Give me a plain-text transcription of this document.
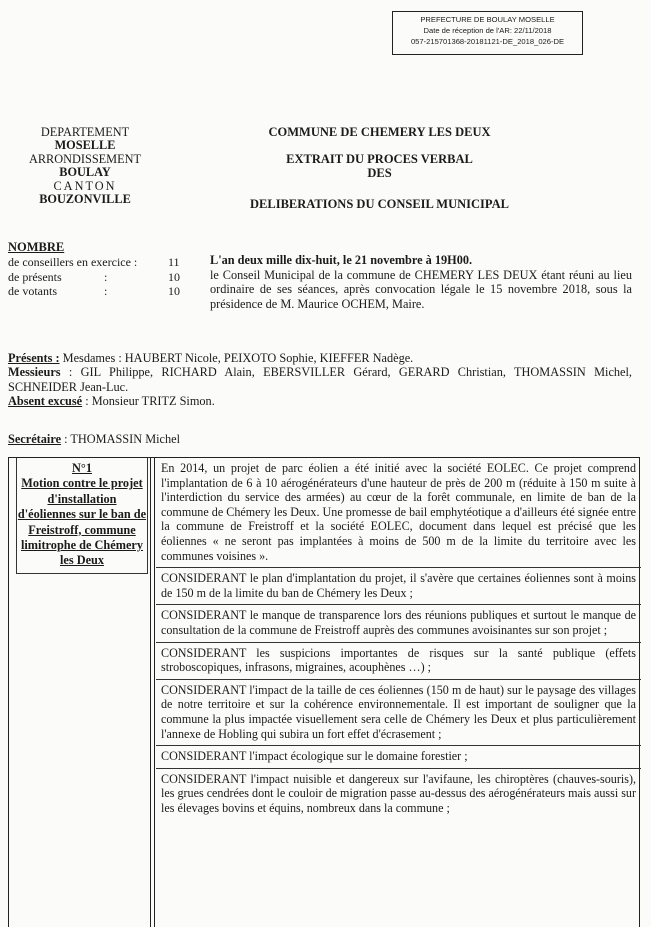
PREFECTURE DE BOULAY MOSELLE
Date de réception de l'AR: 22/11/2018
057-215701368-20181121-DE_2018_026-DE
DEPARTEMENT
MOSELLE
ARRONDISSEMENT
BOULAY
CANTON
BOUZONVILLE
COMMUNE DE CHEMERY LES DEUX
EXTRAIT DU PROCES VERBAL
DES
DELIBERATIONS DU CONSEIL MUNICIPAL
NOMBRE
de conseillers en exercice :	11
de présents	:	10
de votants	:	10
L'an deux mille dix-huit, le 21 novembre à 19H00.
le Conseil Municipal de la commune de CHEMERY LES DEUX étant réuni au lieu ordinaire de ses séances, après convocation légale le 15 novembre 2018, sous la présidence de M. Maurice OCHEM, Maire.
Présents : Mesdames : HAUBERT Nicole, PEIXOTO Sophie, KIEFFER Nadège.
Messieurs : GIL Philippe, RICHARD Alain, EBERSVILLER Gérard, GERARD Christian, THOMASSIN Michel, SCHNEIDER Jean-Luc.
Absent excusé : Monsieur TRITZ Simon.
Secrétaire : THOMASSIN Michel
N°1
Motion contre le projet d'installation d'éoliennes sur le ban de Freistroff, commune limitrophe de Chémery les Deux
En 2014, un projet de parc éolien a été initié avec la société EOLEC. Ce projet comprend l'implantation de 6 à 10 aérogénérateurs d'une hauteur de près de 200 m (réduite à 150 m suite à l'interdiction du service des armées) au cœur de la forêt communale, en limite de ban de la commune de Chémery les Deux. Une promesse de bail emphytéotique a d'ailleurs été signée entre la commune de Freistroff et la société EOLEC, document dans lequel est précisé que les éoliennes « ne seront pas implantées à moins de 500 m de la limite du territoire avec les communes voisines ».
CONSIDERANT le plan d'implantation du projet, il s'avère que certaines éoliennes sont à moins de 150 m de la limite du ban de Chémery les Deux ;
CONSIDERANT le manque de transparence lors des réunions publiques et surtout le manque de consultation de la commune de Freistroff auprès des communes avoisinantes sur son projet ;
CONSIDERANT les suspicions importantes de risques sur la santé publique (effets stroboscopiques, infrasons, migraines, acouphènes …) ;
CONSIDERANT l'impact de la taille de ces éoliennes (150 m de haut) sur le paysage des villages de notre territoire et sur la cohérence environnementale. Il est important de souligner que la commune la plus impactée visuellement sera celle de Chémery les Deux et plus particulièrement l'annexe de Hobling qui subira un fort effet d'écrasement ;
CONSIDERANT l'impact écologique sur le domaine forestier ;
CONSIDERANT l'impact nuisible et dangereux sur l'avifaune, les chiroptères (chauves-souris), les grues cendrées dont le couloir de migration passe au-dessus des aérogénérateurs mais aussi sur les élevages bovins et équins, nombreux dans la commune ;
